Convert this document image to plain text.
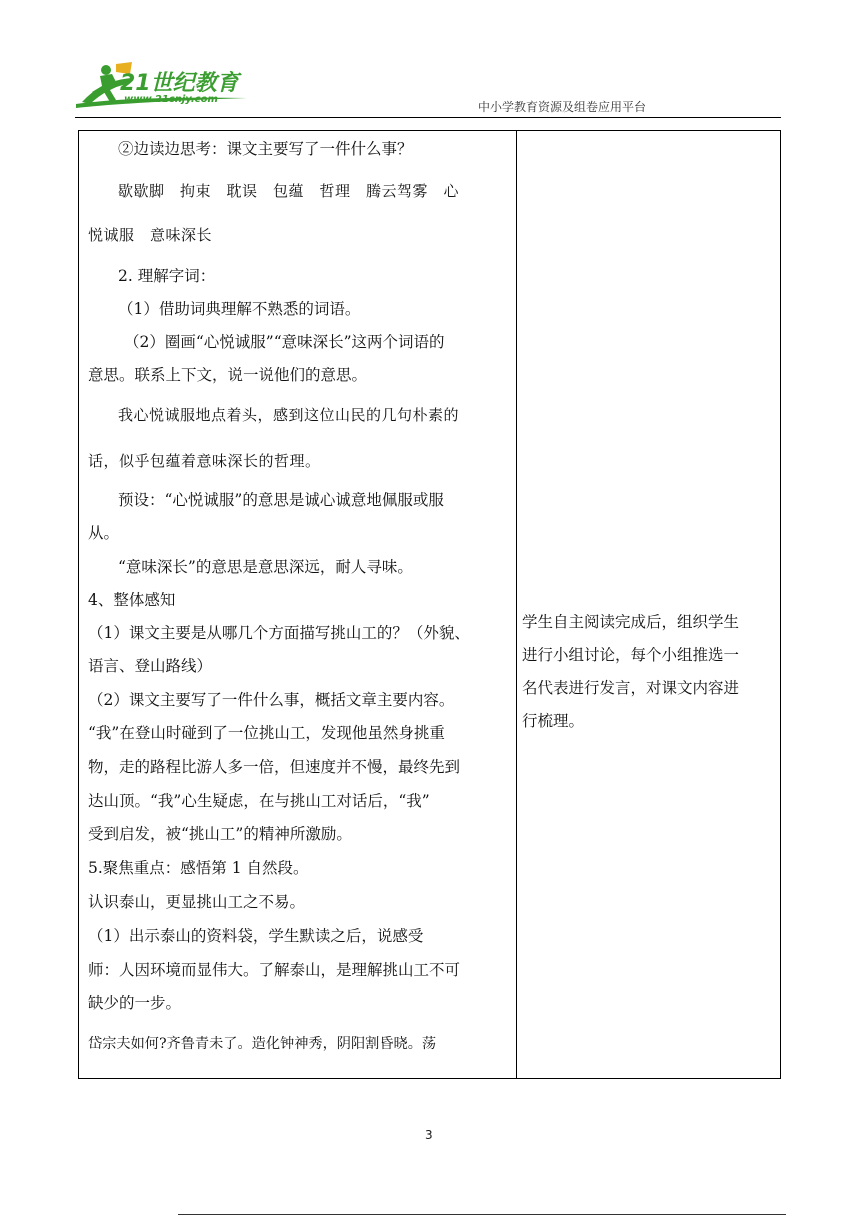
21世纪教育
www.21cnjy.com
中小学教育资源及组卷应用平台
②边读边思考：课文主要写了一件什么事？
歇歇脚　拘束　耽误　包蕴　哲理　腾云驾雾　心
悦诚服　意味深长
2. 理解字词：
（1）借助词典理解不熟悉的词语。
（2）圈画“心悦诚服”“意味深长”这两个词语的
意思。联系上下文，说一说他们的意思。
我心悦诚服地点着头，感到这位山民的几句朴素的
话，似乎包蕴着意味深长的哲理。
预设：“心悦诚服”的意思是诚心诚意地佩服或服
从。
“意味深长”的意思是意思深远，耐人寻味。
4、整体感知
（1）课文主要是从哪几个方面描写挑山工的？（外貌、
语言、登山路线）
（2）课文主要写了一件什么事，概括文章主要内容。
“我”在登山时碰到了一位挑山工，发现他虽然身挑重
物，走的路程比游人多一倍，但速度并不慢，最终先到
达山顶。“我”心生疑虑，在与挑山工对话后，“我”
受到启发，被“挑山工”的精神所激励。
5.聚焦重点：感悟第 1 自然段。
认识泰山，更显挑山工之不易。
（1）出示泰山的资料袋，学生默读之后，说感受
师：人因环境而显伟大。了解泰山，是理解挑山工不可
缺少的一步。
岱宗夫如何?齐鲁青未了。造化钟神秀，阴阳割昏晓。荡
学生自主阅读完成后，组织学生
进行小组讨论，每个小组推选一
名代表进行发言，对课文内容进
行梳理。
3
